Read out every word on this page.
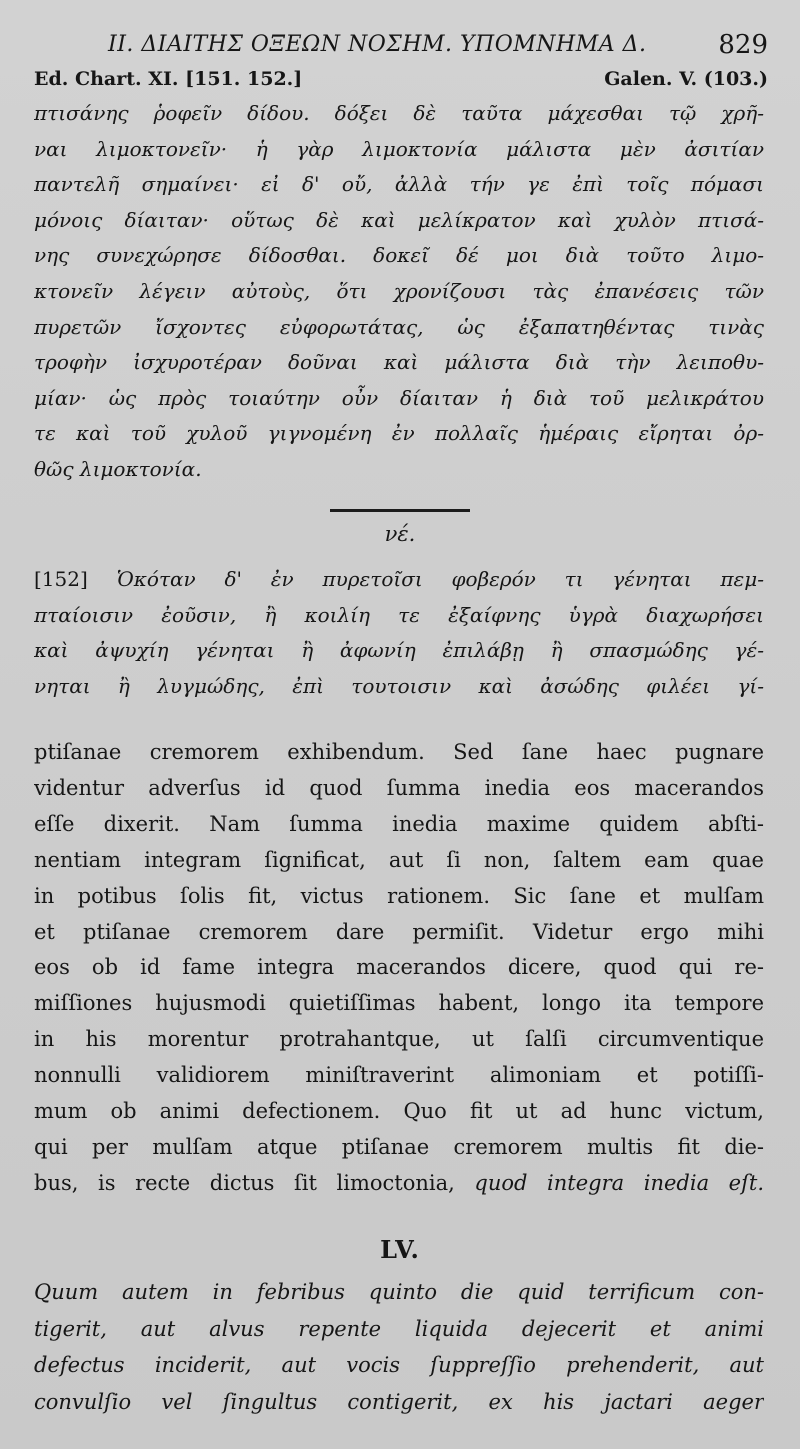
II. ΔΙΑΙΤΗΣ ΟΞΕΩΝ ΝΟΣΗΜ. ΥΠΟΜΝΗΜΑ Δ.	829
Ed. Chart. XI. [151. 152.]	Galen. V. (103.)
πτισάνης ῥοφεῖν δίδου. δόξει δὲ ταῦτα μάχεσθαι τῷ χρῆ-
ναι λιμοκτονεῖν· ἡ γὰρ λιμοκτονία μάλιστα μὲν ἀσιτίαν
παντελῆ σημαίνει· εἰ δ' οὔ, ἀλλὰ τήν γε ἐπὶ τοῖς πόμασι
μόνοις δίαιταν· οὕτως δὲ καὶ μελίκρατον καὶ χυλὸν πτισά-
νης συνεχώρησε δίδοσθαι. δοκεῖ δέ μοι διὰ τοῦτο λιμο-
κτονεῖν λέγειν αὐτοὺς, ὅτι χρονίζουσι τὰς ἐπανέσεις τῶν
πυρετῶν ἴσχοντες εὐφορωτάτας, ὡς ἐξαπατηθέντας τινὰς
τροφὴν ἰσχυροτέραν δοῦναι καὶ μάλιστα διὰ τὴν λειποθυ-
μίαν· ὡς πρὸς τοιαύτην οὖν δίαιταν ἡ διὰ τοῦ μελικράτου
τε καὶ τοῦ χυλοῦ γιγνομένη ἐν πολλαῖς ἡμέραις εἴρηται ὀρ-
θῶς λιμοκτονία.
νέ.
[152] Ὁκόταν δ' ἐν πυρετοῖσι φοβερόν τι γένηται πεμ-
πταίοισιν ἐοῦσιν, ἢ κοιλίη τε ἐξαίφνης ὑγρὰ διαχωρήσει
καὶ ἀψυχίη γένηται ἢ ἀφωνίη ἐπιλάβῃ ἢ σπασμώδης γέ-
νηται ἢ λυγμώδης, ἐπὶ τουτοισιν καὶ ἀσώδης φιλέει γί-
ptiſanae cremorem exhibendum. Sed ſane haec pugnare
videntur adverſus id quod ſumma inedia eos macerandos
eſſe dixerit. Nam ſumma inedia maxime quidem abſti-
nentiam integram ſignificat, aut ſi non, ſaltem eam quae
in potibus ſolis fit, victus rationem. Sic ſane et mulſam
et ptiſanae cremorem dare permiſit. Videtur ergo mihi
eos ob id fame integra macerandos dicere, quod qui re-
miſſiones hujusmodi quietiſſimas habent, longo ita tempore
in his morentur protrahantque, ut ſalſi circumventique
nonnulli validiorem miniſtraverint alimoniam et potiſſi-
mum ob animi defectionem. Quo fit ut ad hunc victum,
qui per mulſam atque ptiſanae cremorem multis fit die-
bus, is recte dictus ſit limoctonia, quod integra inedia eſt.
LV.
Quum autem in febribus quinto die quid terrificum con-
tigerit, aut alvus repente liquida dejecerit et animi
defectus inciderit, aut vocis ſuppreſſio prehenderit, aut
convulſio vel ſingultus contigerit, ex his jactari aeger
